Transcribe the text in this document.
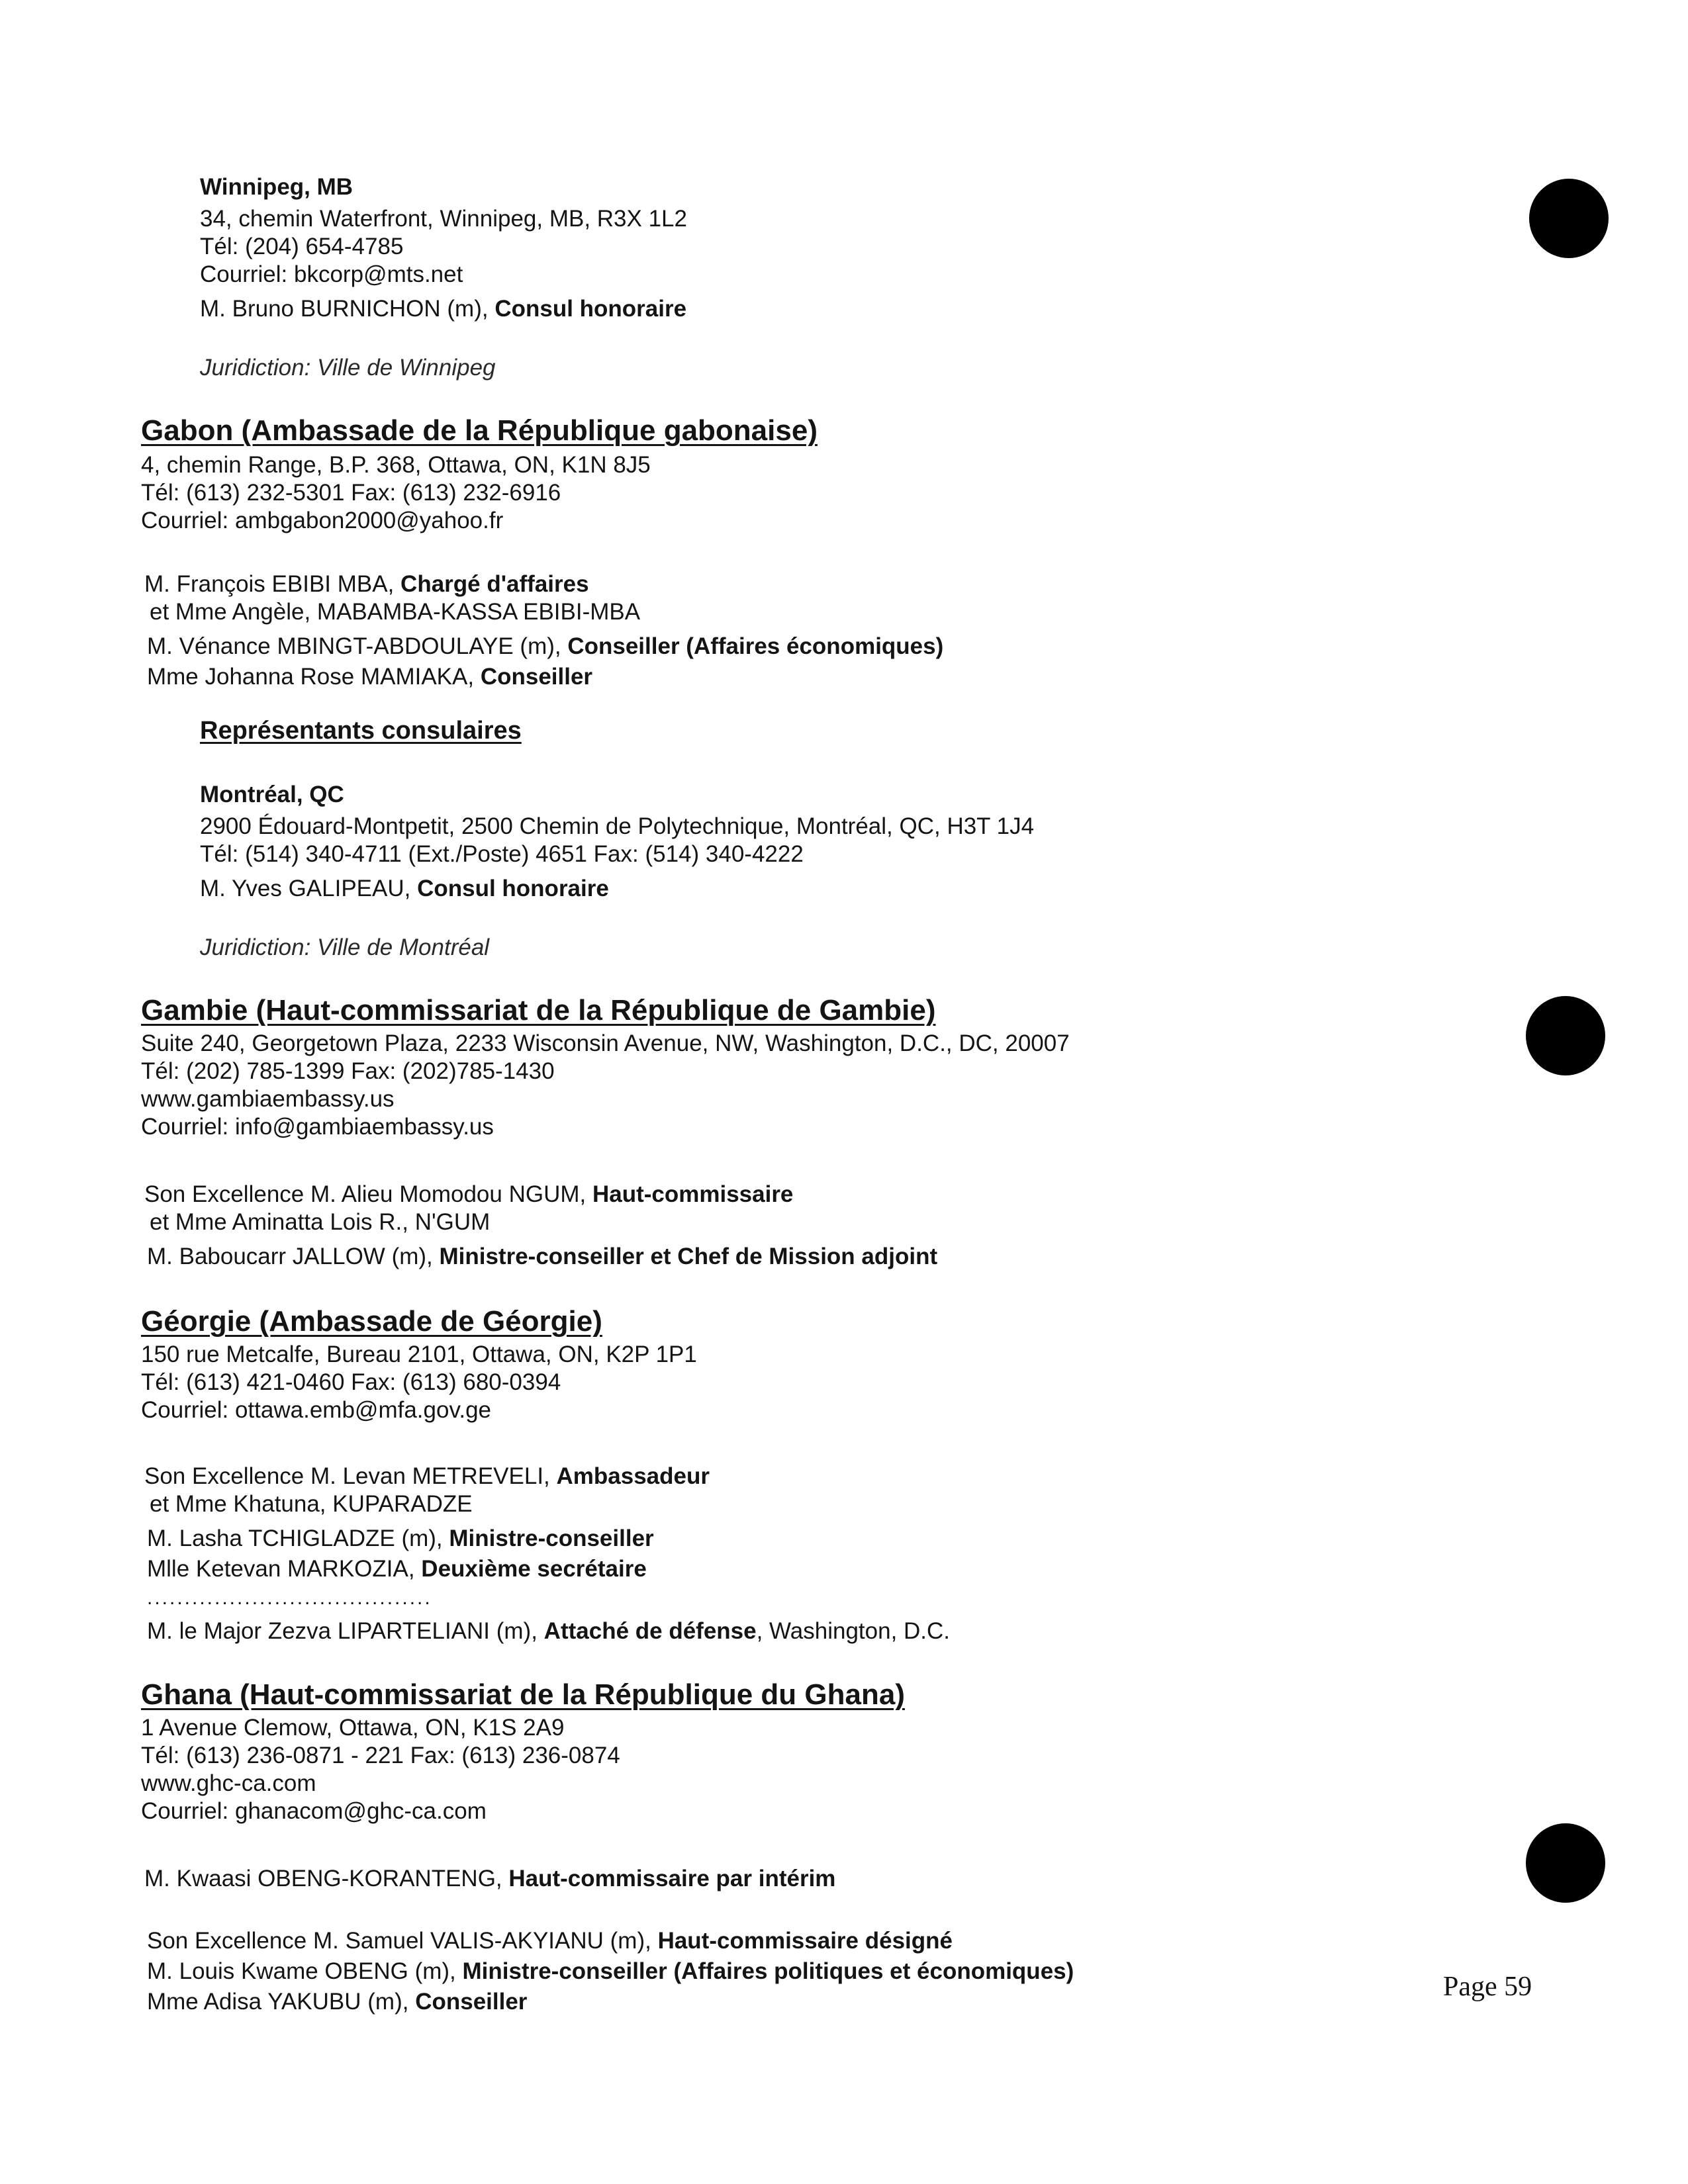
Winnipeg, MB
34, chemin Waterfront, Winnipeg, MB, R3X 1L2
Tél: (204) 654-4785
Courriel: bkcorp@mts.net
M. Bruno BURNICHON (m), Consul honoraire
Juridiction: Ville de Winnipeg
Gabon (Ambassade de la République gabonaise)
4, chemin Range, B.P. 368, Ottawa, ON, K1N 8J5
Tél: (613) 232-5301 Fax: (613) 232-6916
Courriel: ambgabon2000@yahoo.fr
M. François EBIBI MBA, Chargé d'affaires
et Mme Angèle, MABAMBA-KASSA EBIBI-MBA
M. Vénance MBINGT-ABDOULAYE (m), Conseiller (Affaires économiques)
Mme Johanna Rose MAMIAKA, Conseiller
Représentants consulaires
Montréal, QC
2900 Édouard-Montpetit, 2500 Chemin de Polytechnique, Montréal, QC, H3T 1J4
Tél: (514) 340-4711 (Ext./Poste) 4651 Fax: (514) 340-4222
M. Yves GALIPEAU, Consul honoraire
Juridiction: Ville de Montréal
Gambie (Haut-commissariat de la République de Gambie)
Suite 240, Georgetown Plaza, 2233 Wisconsin Avenue, NW, Washington, D.C., DC, 20007
Tél: (202) 785-1399 Fax: (202)785-1430
www.gambiaembassy.us
Courriel: info@gambiaembassy.us
Son Excellence M. Alieu Momodou NGUM, Haut-commissaire
et Mme Aminatta Lois R., N'GUM
M. Baboucarr JALLOW (m), Ministre-conseiller et Chef de Mission adjoint
Géorgie (Ambassade de Géorgie)
150 rue Metcalfe, Bureau 2101, Ottawa, ON, K2P 1P1
Tél: (613) 421-0460 Fax: (613) 680-0394
Courriel: ottawa.emb@mfa.gov.ge
Son Excellence M. Levan METREVELI, Ambassadeur
et Mme Khatuna, KUPARADZE
M. Lasha TCHIGLADZE (m), Ministre-conseiller
Mlle Ketevan MARKOZIA, Deuxième secrétaire
......................................
M. le Major Zezva LIPARTELIANI (m), Attaché de défense, Washington, D.C.
Ghana (Haut-commissariat de la République du Ghana)
1 Avenue Clemow, Ottawa, ON, K1S 2A9
Tél: (613) 236-0871 - 221 Fax: (613) 236-0874
www.ghc-ca.com
Courriel: ghanacom@ghc-ca.com
M. Kwaasi OBENG-KORANTENG, Haut-commissaire par intérim
Son Excellence M. Samuel VALIS-AKYIANU (m), Haut-commissaire désigné
M. Louis Kwame OBENG (m), Ministre-conseiller (Affaires politiques et économiques)
Mme Adisa YAKUBU (m), Conseiller	Page 59
